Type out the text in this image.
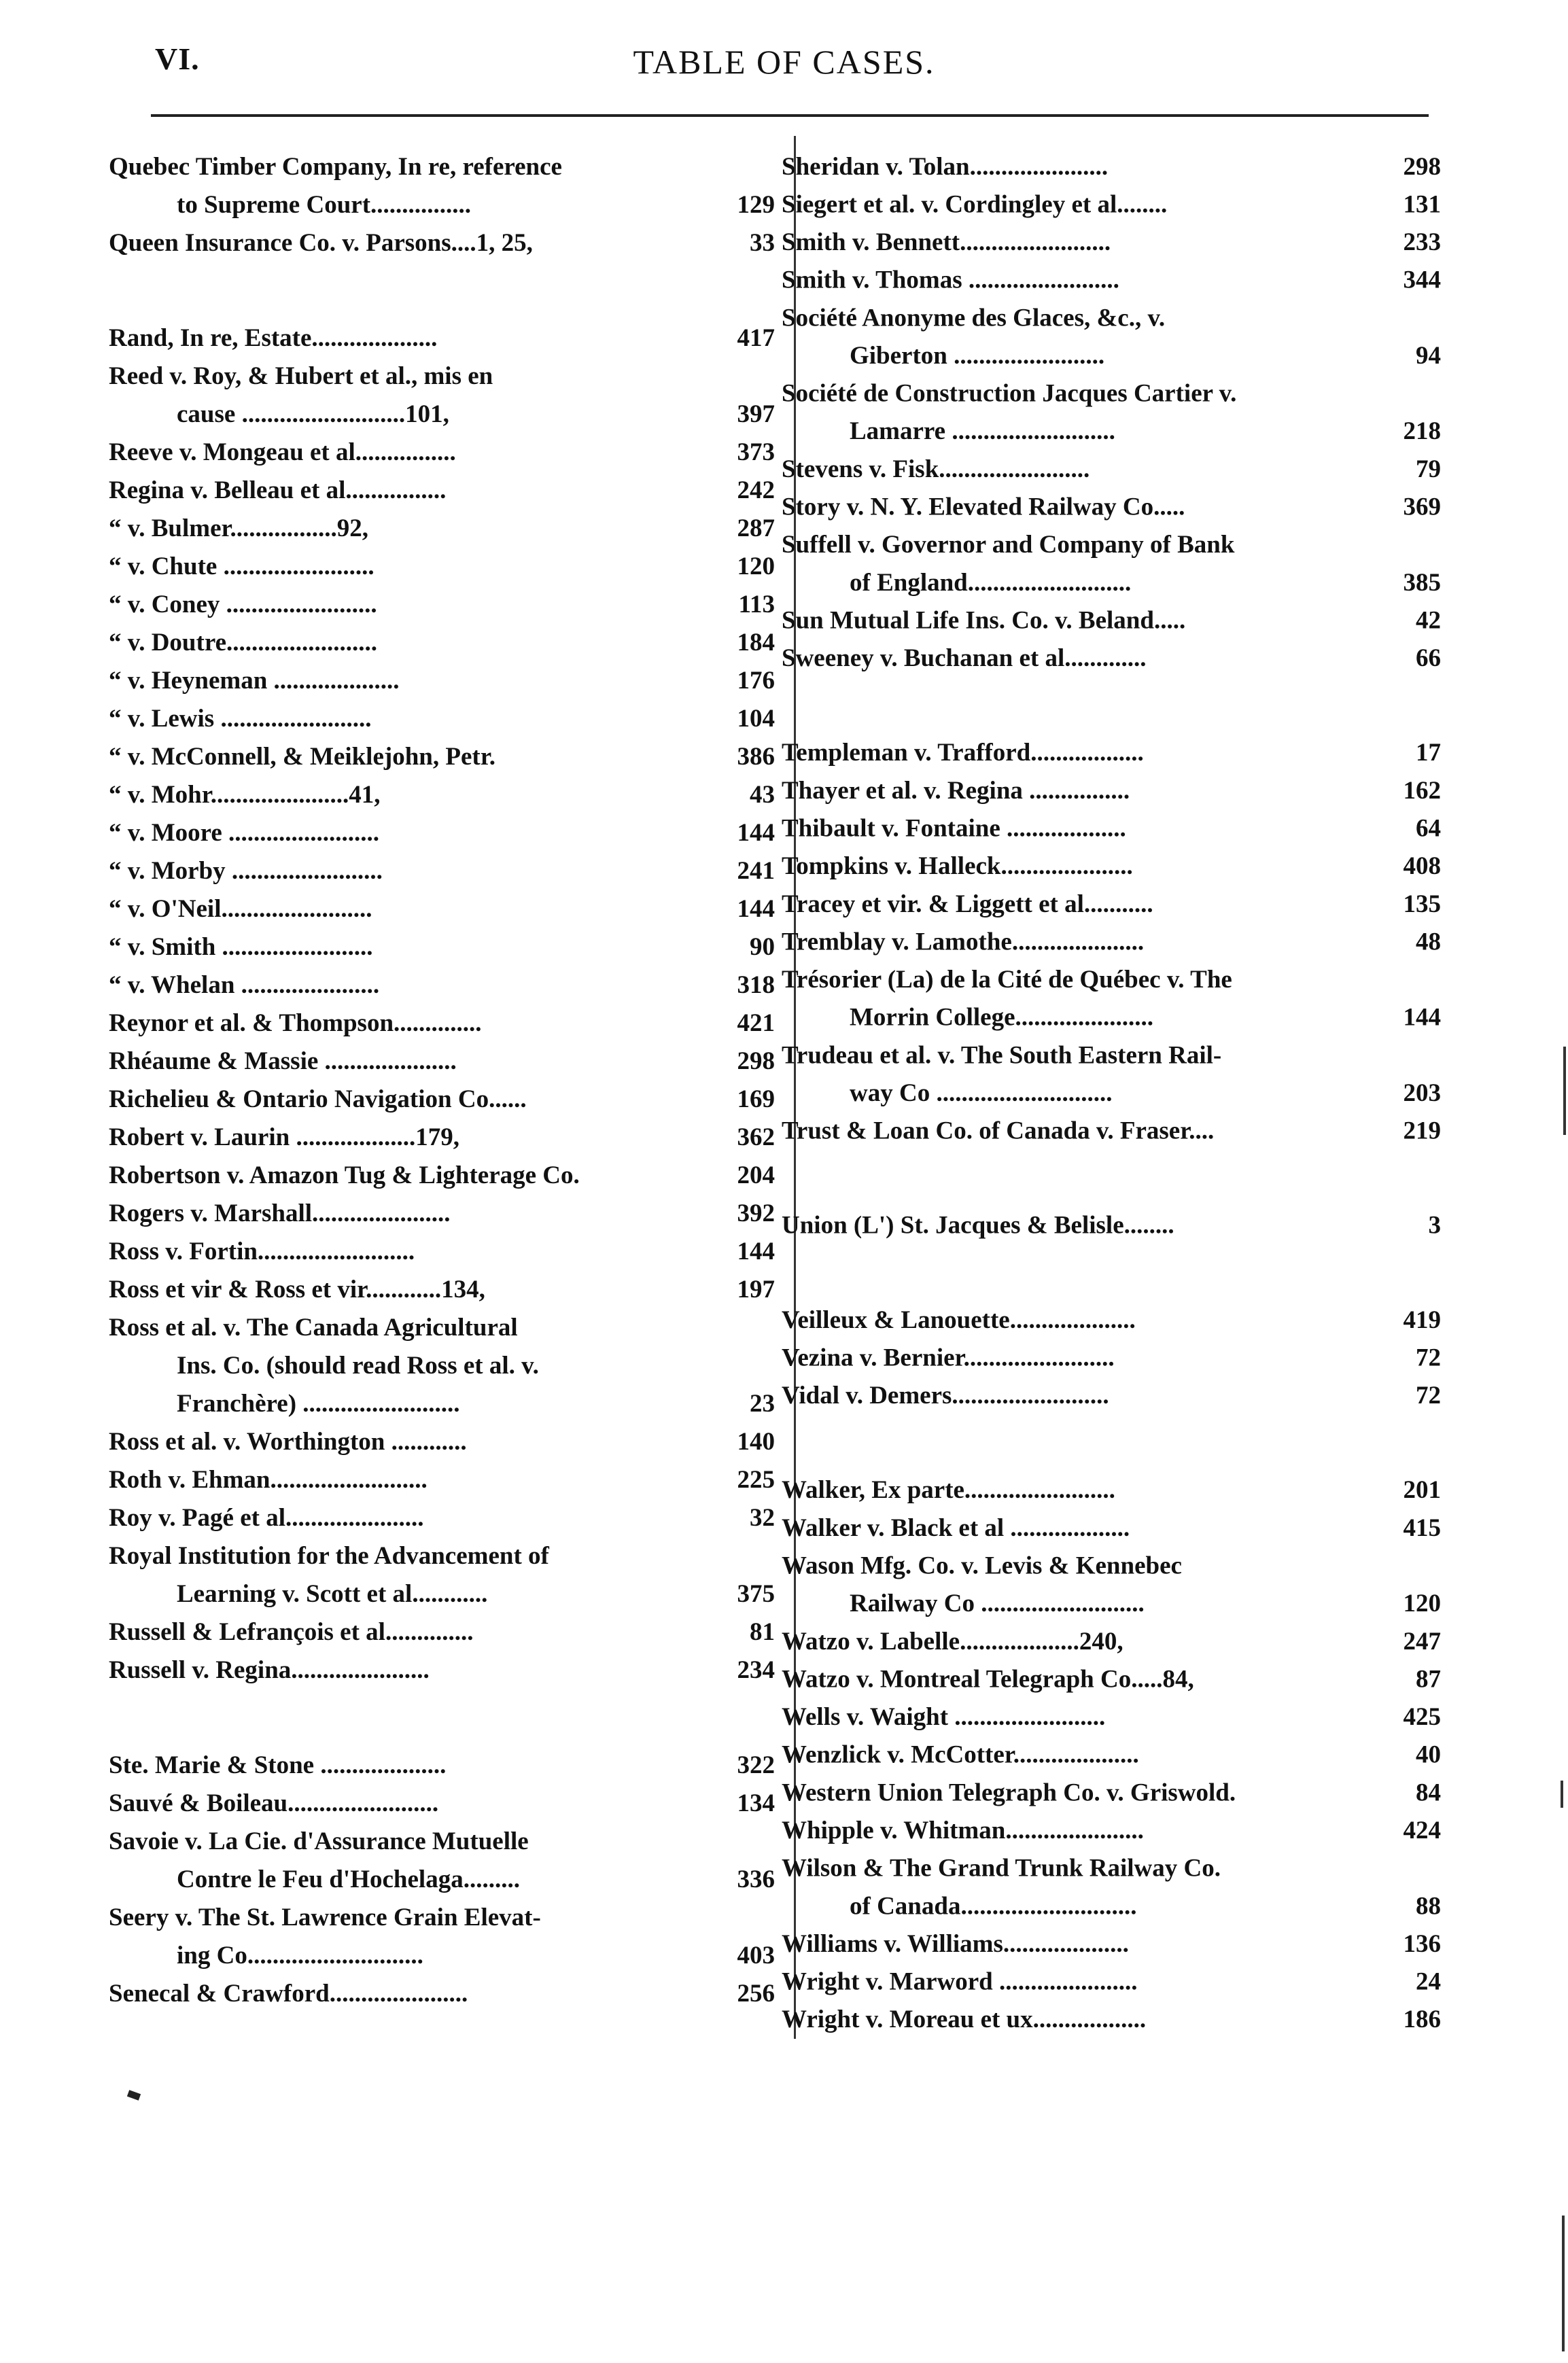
VI.	TABLE OF CASES.
Quebec Timber Company, In re, reference
to Supreme Court................	129
Queen Insurance Co. v. Parsons....1, 25,	33
Rand, In re, Estate....................	417
Reed v. Roy, & Hubert et al., mis en
cause ..........................101,	397
Reeve v. Mongeau et al................	373
Regina v. Belleau et al................	242
“ v. Bulmer.................92,	287
“ v. Chute ........................	120
“ v. Coney ........................	113
“ v. Doutre........................	184
“ v. Heyneman ....................	176
“ v. Lewis ........................	104
“ v. McConnell, & Meiklejohn, Petr.	386
“ v. Mohr......................41,	43
“ v. Moore ........................	144
“ v. Morby ........................	241
“ v. O'Neil........................	144
“ v. Smith ........................	90
“ v. Whelan ......................	318
Reynor et al. & Thompson..............	421
Rhéaume & Massie .....................	298
Richelieu & Ontario Navigation Co......	169
Robert v. Laurin ...................179,	362
Robertson v. Amazon Tug & Lighterage Co.	204
Rogers v. Marshall......................	392
Ross v. Fortin.........................	144
Ross et vir & Ross et vir............134,	197
Ross et al. v. The Canada Agricultural
Ins. Co. (should read Ross et al. v.
Franchère) .........................	23
Ross et al. v. Worthington ............	140
Roth v. Ehman.........................	225
Roy v. Pagé et al......................	32
Royal Institution for the Advancement of
Learning v. Scott et al............	375
Russell & Lefrançois et al..............	81
Russell v. Regina......................	234
Ste. Marie & Stone ....................	322
Sauvé & Boileau........................	134
Savoie v. La Cie. d'Assurance Mutuelle
Contre le Feu d'Hochelaga.........	336
Seery v. The St. Lawrence Grain Elevat-
ing Co............................	403
Senecal & Crawford......................	256
Sheridan v. Tolan......................	298
Siegert et al. v. Cordingley et al........	131
Smith v. Bennett........................	233
Smith v. Thomas ........................	344
Société Anonyme des Glaces, &c., v.
Giberton ........................	94
Société de Construction Jacques Cartier v.
Lamarre ..........................	218
Stevens v. Fisk........................	79
Story v. N. Y. Elevated Railway Co.....	369
Suffell v. Governor and Company of Bank
of England..........................	385
Sun Mutual Life Ins. Co. v. Beland.....	42
Sweeney v. Buchanan et al.............	66
Templeman v. Trafford..................	17
Thayer et al. v. Regina ................	162
Thibault v. Fontaine ...................	64
Tompkins v. Halleck.....................	408
Tracey et vir. & Liggett et al...........	135
Tremblay v. Lamothe.....................	48
Trésorier (La) de la Cité de Québec v. The
Morrin College......................	144
Trudeau et al. v. The South Eastern Rail-
way Co ............................	203
Trust & Loan Co. of Canada v. Fraser....	219
Union (L') St. Jacques & Belisle........	3
Veilleux & Lanouette....................	419
Vezina v. Bernier........................	72
Vidal v. Demers.........................	72
Walker, Ex parte........................	201
Walker v. Black et al ...................	415
Wason Mfg. Co. v. Levis & Kennebec
Railway Co ..........................	120
Watzo v. Labelle...................240,	247
Watzo v. Montreal Telegraph Co.....84,	87
Wells v. Waight ........................	425
Wenzlick v. McCotter....................	40
Western Union Telegraph Co. v. Griswold.	84
Whipple v. Whitman......................	424
Wilson & The Grand Trunk Railway Co.
of Canada............................	88
Williams v. Williams....................	136
Wright v. Marword ......................	24
Wright v. Moreau et ux..................	186
